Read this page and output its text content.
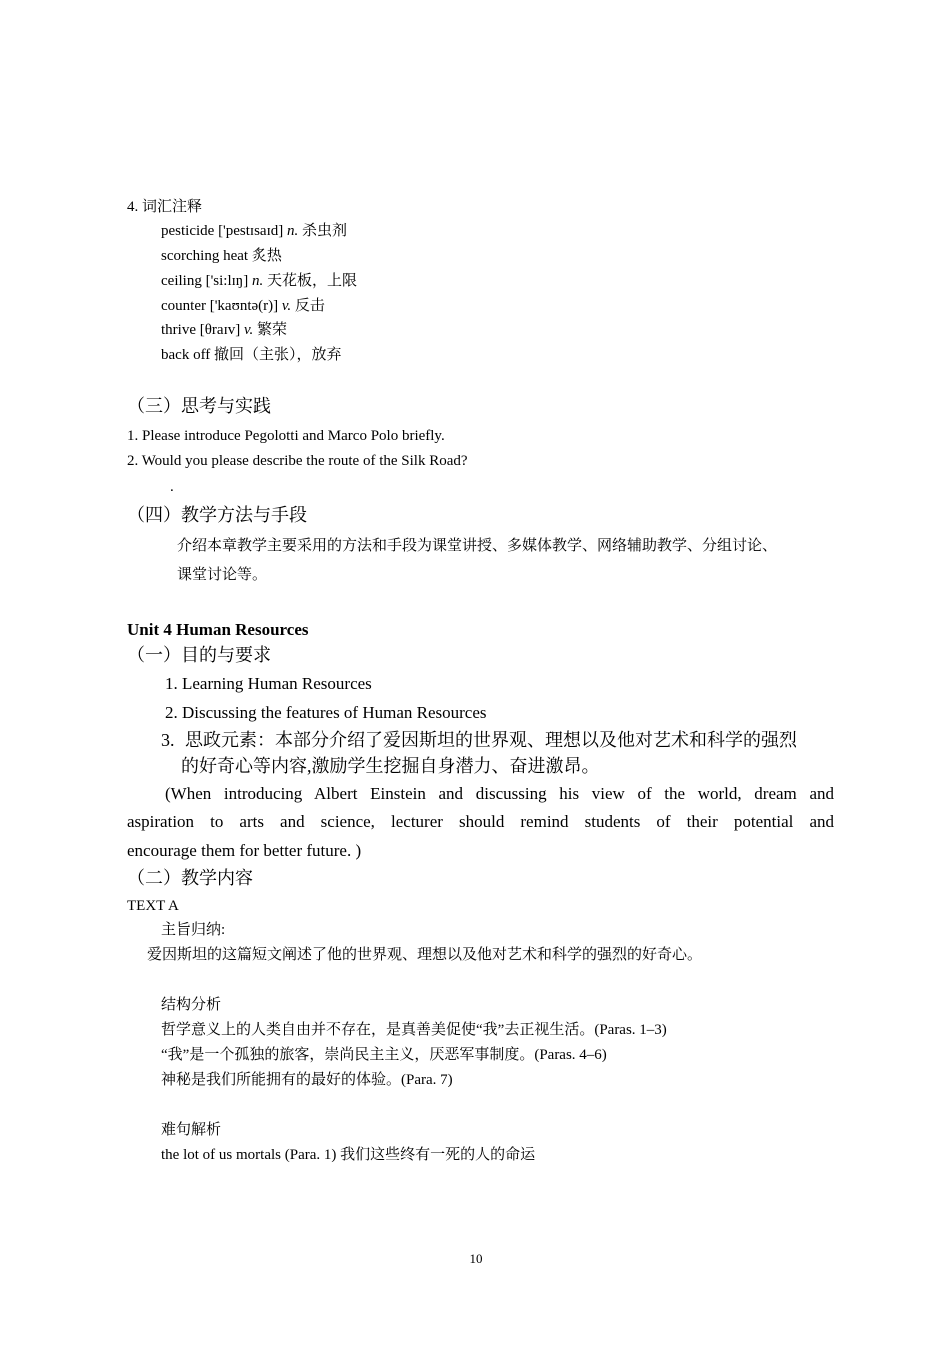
4. 词汇注释
pesticide ['pestɪsaɪd] n. 杀虫剂
scorching heat 炙热
ceiling ['si:lɪŋ] n. 天花板，上限
counter ['kaʊntə(r)] v. 反击
thrive [θraɪv] v. 繁荣
back off 撤回（主张），放弃
（三）思考与实践
1. Please introduce Pegolotti and Marco Polo briefly.
2. Would you please describe the route of the Silk Road?
.
（四）教学方法与手段
介绍本章教学主要采用的方法和手段为课堂讲授、多媒体教学、网络辅助教学、分组讨论、
课堂讨论等。
Unit 4 Human Resources
（一）目的与要求
1. Learning Human Resources
2. Discussing the features of Human Resources
3. 思政元素：本部分介绍了爱因斯坦的世界观、理想以及他对艺术和科学的强烈
的好奇心等内容,激励学生挖掘自身潜力、奋进激昂。
(When introducing Albert Einstein and discussing his view of the world, dream and
aspiration to arts and science, lecturer should remind students of their potential and
encourage them for better future. )
（二）教学内容
TEXT A
主旨归纳:
爱因斯坦的这篇短文阐述了他的世界观、理想以及他对艺术和科学的强烈的好奇心。
结构分析
哲学意义上的人类自由并不存在，是真善美促使“我”去正视生活。(Paras. 1–3)
“我”是一个孤独的旅客，崇尚民主主义，厌恶军事制度。(Paras. 4–6)
神秘是我们所能拥有的最好的体验。(Para. 7)
难句解析
the lot of us mortals (Para. 1) 我们这些终有一死的人的命运
10
